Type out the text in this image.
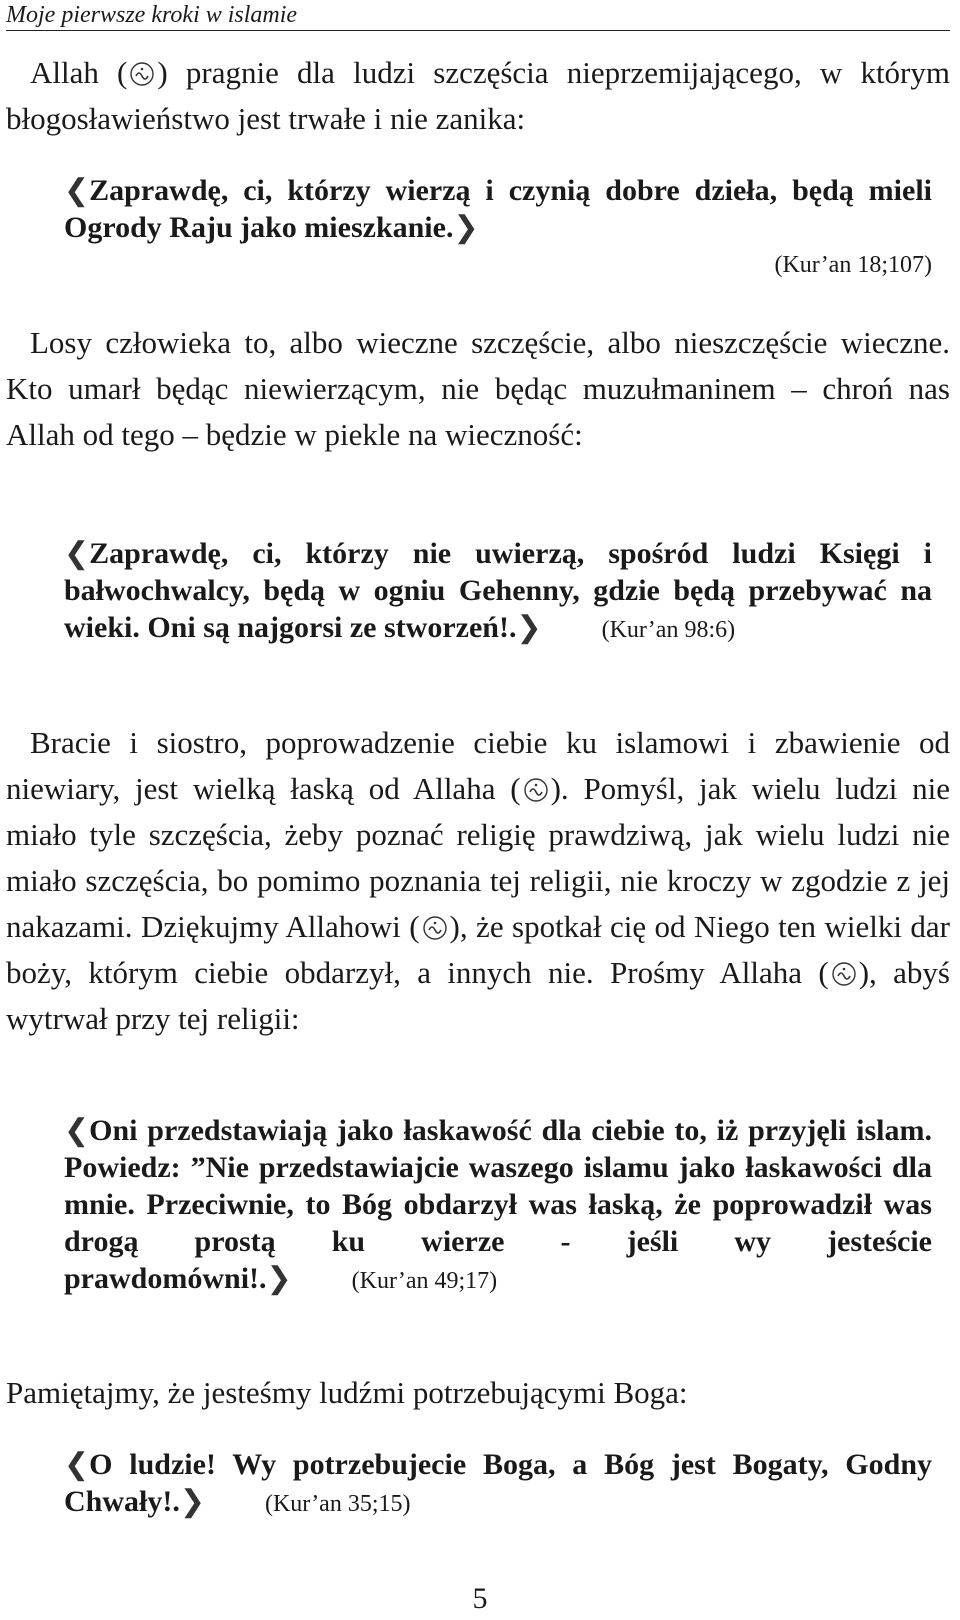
Moje pierwsze kroki w islamie
Allah ( ) pragnie dla ludzi szczęścia nieprzemijającego, w którym błogosławieństwo jest trwałe i nie zanika:
❮Zaprawdę, ci, którzy wierzą i czynią dobre dzieła, będą mieli Ogrody Raju jako mieszkanie.❯
(Kur’an 18;107)
Losy człowieka to, albo wieczne szczęście, albo nieszczęście wieczne. Kto umarł będąc niewierzącym, nie będąc muzułmaninem – chroń nas Allah od tego – będzie w piekle na wieczność:
❮Zaprawdę, ci, którzy nie uwierzą, spośród ludzi Księgi i bałwochwalcy, będą w ogniu Gehenny, gdzie będą przebywać na wieki. Oni są najgorsi ze stworzeń!.❯	(Kur’an 98:6)
Bracie i siostro, poprowadzenie ciebie ku islamowi i zbawienie od niewiary, jest wielką łaską od Allaha ( ). Pomyśl, jak wielu ludzi nie miało tyle szczęścia, żeby poznać religię prawdziwą, jak wielu ludzi nie miało szczęścia, bo pomimo poznania tej religii, nie kroczy w zgodzie z jej nakazami. Dziękujmy Allahowi ( ), że spotkał cię od Niego ten wielki dar boży, którym ciebie obdarzył, a innych nie. Prośmy Allaha ( ), abyś wytrwał przy tej religii:
❮Oni przedstawiają jako łaskawość dla ciebie to, iż przyjęli islam. Powiedz: ”Nie przedstawiajcie waszego islamu jako łaskawości dla mnie. Przeciwnie, to Bóg obdarzył was łaską, że poprowadził was drogą prostą ku wierze - jeśli wy jesteście prawdomówni!.❯	(Kur’an 49;17)
Pamiętajmy, że jesteśmy ludźmi potrzebującymi Boga:
❮O ludzie! Wy potrzebujecie Boga, a Bóg jest Bogaty, Godny Chwały!.❯	(Kur’an 35;15)
5
